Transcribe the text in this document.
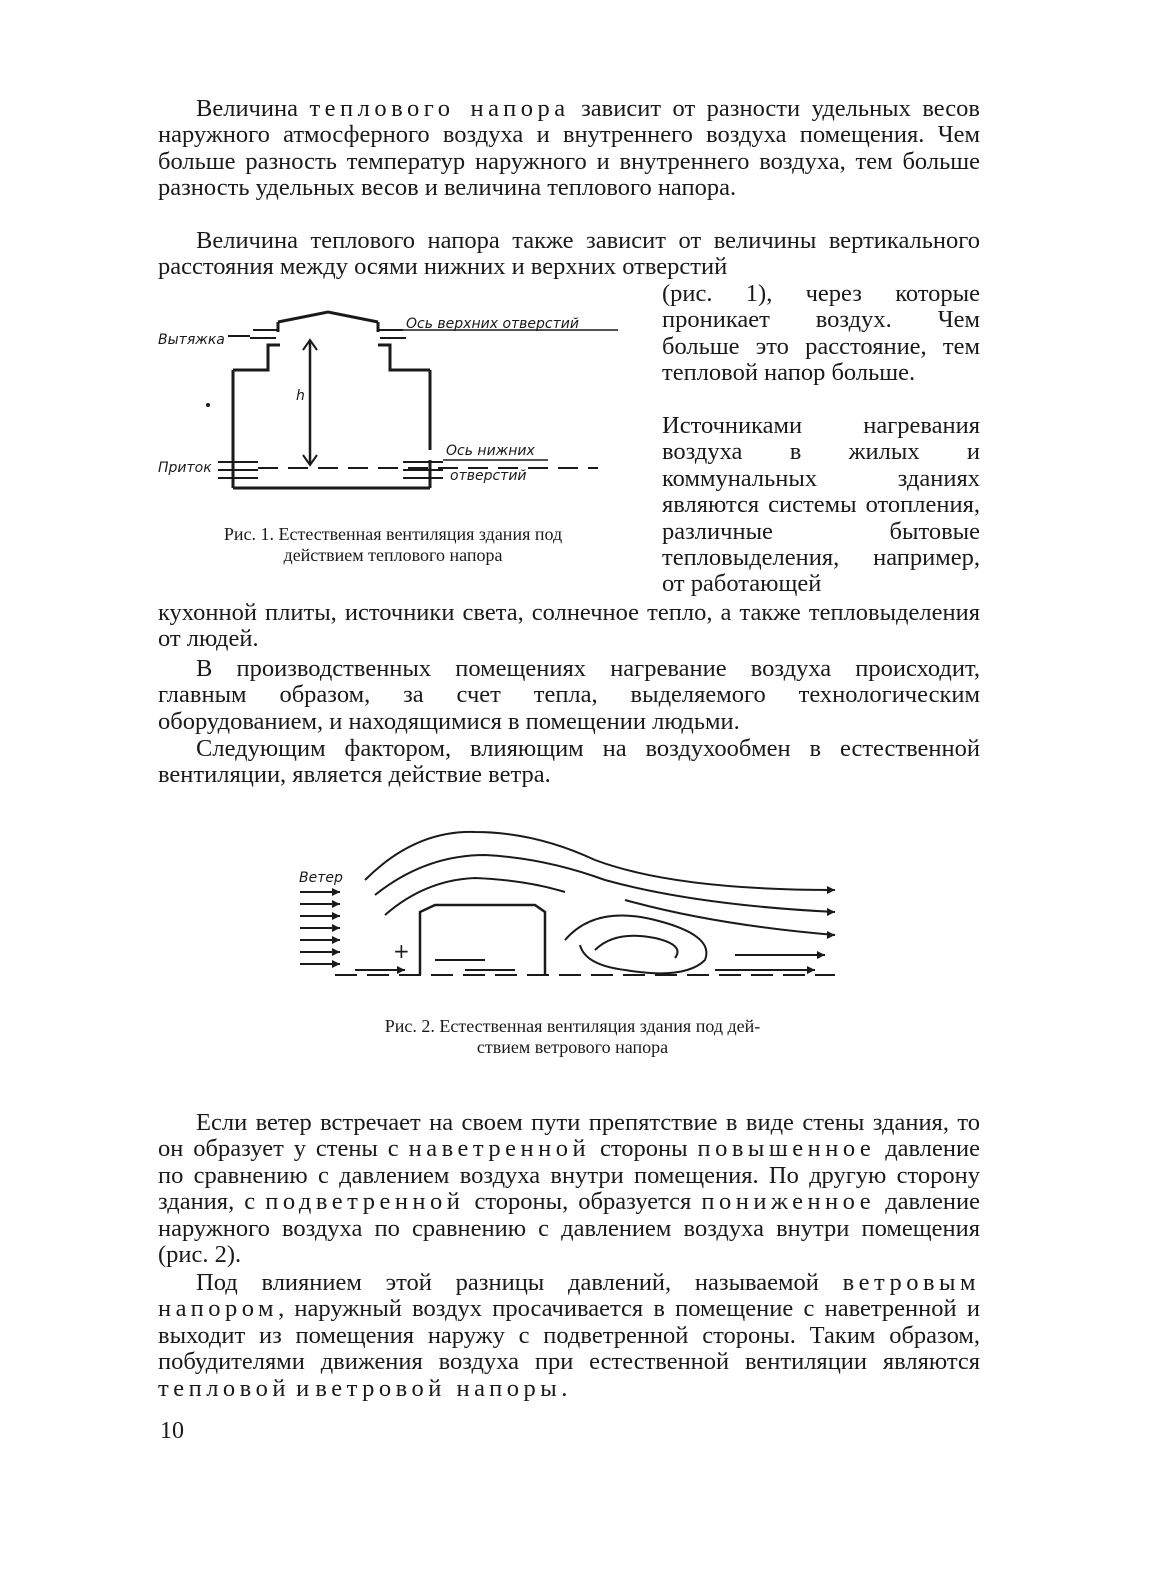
Величина теплового напора зависит от разности удельных весов наружного атмосферного воздуха и внутреннего воздуха помещения. Чем больше разность температур наружного и внутреннего воздуха, тем больше разность удельных весов и величина теплового напора.

Величина теплового напора также зависит от величины вертикального расстояния между осями нижних и верхних отверстий

(рис. 1), через которые проникает воздух. Чем больше это расстояние, тем тепловой напор больше.

Источниками нагревания воздуха в жилых и коммунальных зданиях являются системы отопления, различные бытовые тепловыделения, например, от работающей

Вытяжка
Приток
Ось верхних отверстий
Ось нижних
отверстий
h

Рис. 1. Естественная вентиляция здания под
действием теплового напора

кухонной плиты, источники света, солнечное тепло, а также тепловыделения от людей.

В производственных помещениях нагревание воздуха происходит, главным образом, за счет тепла, выделяемого технологическим оборудованием, и находящимися в помещении людьми.

Следующим фактором, влияющим на воздухообмен в естественной вентиляции, является действие ветра.

Ветер
+

Рис. 2. Естественная вентиляция здания под дей-
ствием ветрового напора

Если ветер встречает на своем пути препятствие в виде стены здания, то он образует у стены с наветренной стороны повышенное давление по сравнению с давлением воздуха внутри помещения. По другую сторону здания, с подветренной стороны, образуется пониженное давление наружного воздуха по сравнению с давлением воздуха внутри помещения (рис. 2).

Под влиянием этой разницы давлений, называемой ветровым напором, наружный воздух просачивается в помещение с наветренной и выходит из помещения наружу с подветренной стороны. Таким образом, побудителями движения воздуха при естественной вентиляции являются тепловой и ветровой напоры.

10
